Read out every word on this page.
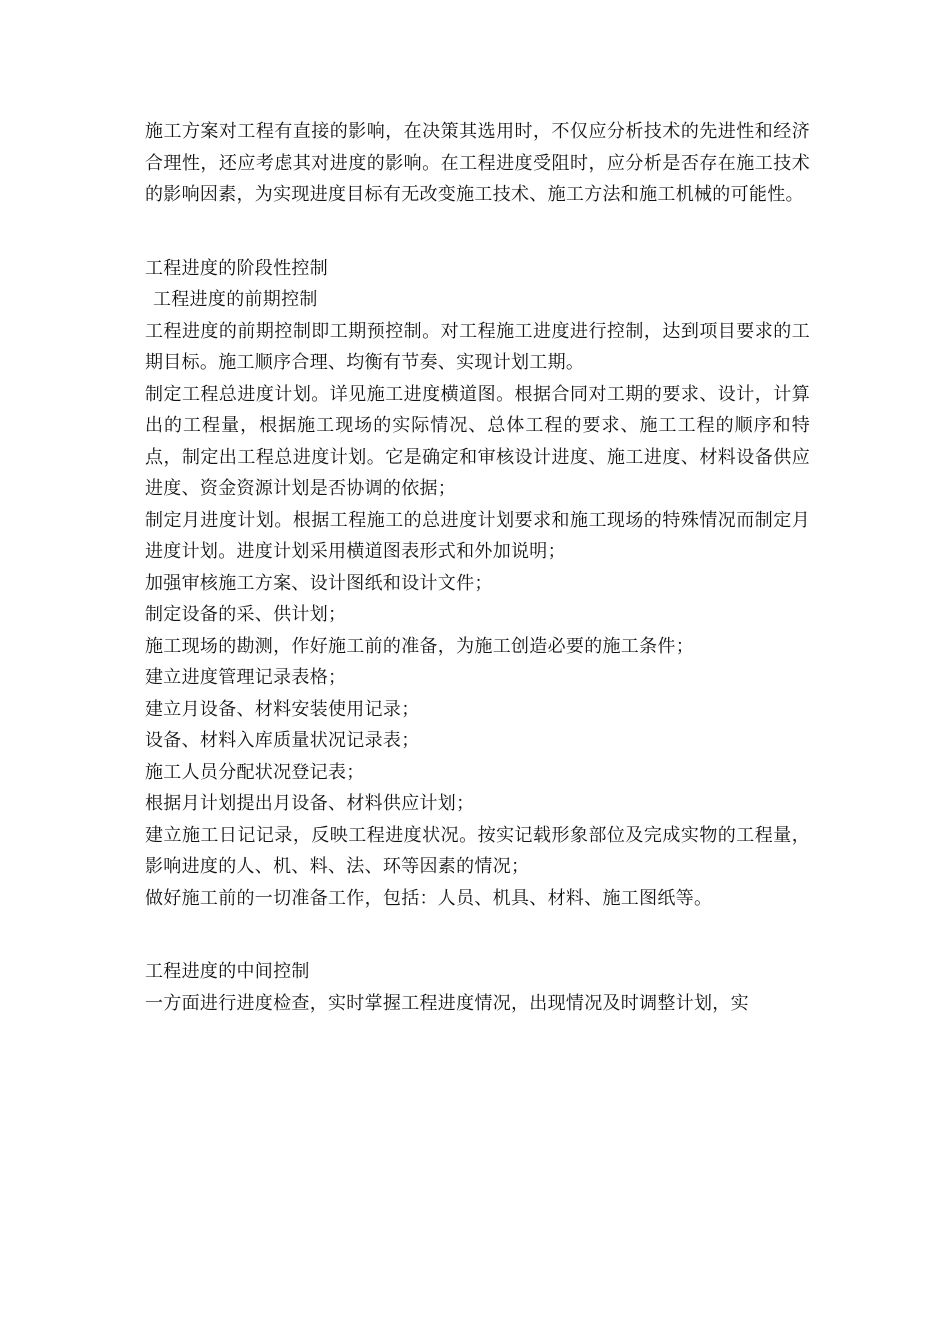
施工方案对工程有直接的影响，在决策其选用时，不仅应分析技术的先进性和经济合理性，还应考虑其对进度的影响。在工程进度受阻时，应分析是否存在施工技术的影响因素，为实现进度目标有无改变施工技术、施工方法和施工机械的可能性。

工程进度的阶段性控制

工程进度的前期控制

工程进度的前期控制即工期预控制。对工程施工进度进行控制，达到项目要求的工期目标。施工顺序合理、均衡有节奏、实现计划工期。

制定工程总进度计划。详见施工进度横道图。根据合同对工期的要求、设计，计算出的工程量，根据施工现场的实际情况、总体工程的要求、施工工程的顺序和特点，制定出工程总进度计划。它是确定和审核设计进度、施工进度、材料设备供应进度、资金资源计划是否协调的依据；

制定月进度计划。根据工程施工的总进度计划要求和施工现场的特殊情况而制定月进度计划。进度计划采用横道图表形式和外加说明；

加强审核施工方案、设计图纸和设计文件；

制定设备的采、供计划；

施工现场的勘测，作好施工前的准备，为施工创造必要的施工条件；

建立进度管理记录表格；

建立月设备、材料安装使用记录；

设备、材料入库质量状况记录表；

施工人员分配状况登记表；

根据月计划提出月设备、材料供应计划；

建立施工日记记录，反映工程进度状况。按实记载形象部位及完成实物的工程量，影响进度的人、机、料、法、环等因素的情况；

做好施工前的一切准备工作，包括：人员、机具、材料、施工图纸等。

工程进度的中间控制

一方面进行进度检查，实时掌握工程进度情况，出现情况及时调整计划，实
